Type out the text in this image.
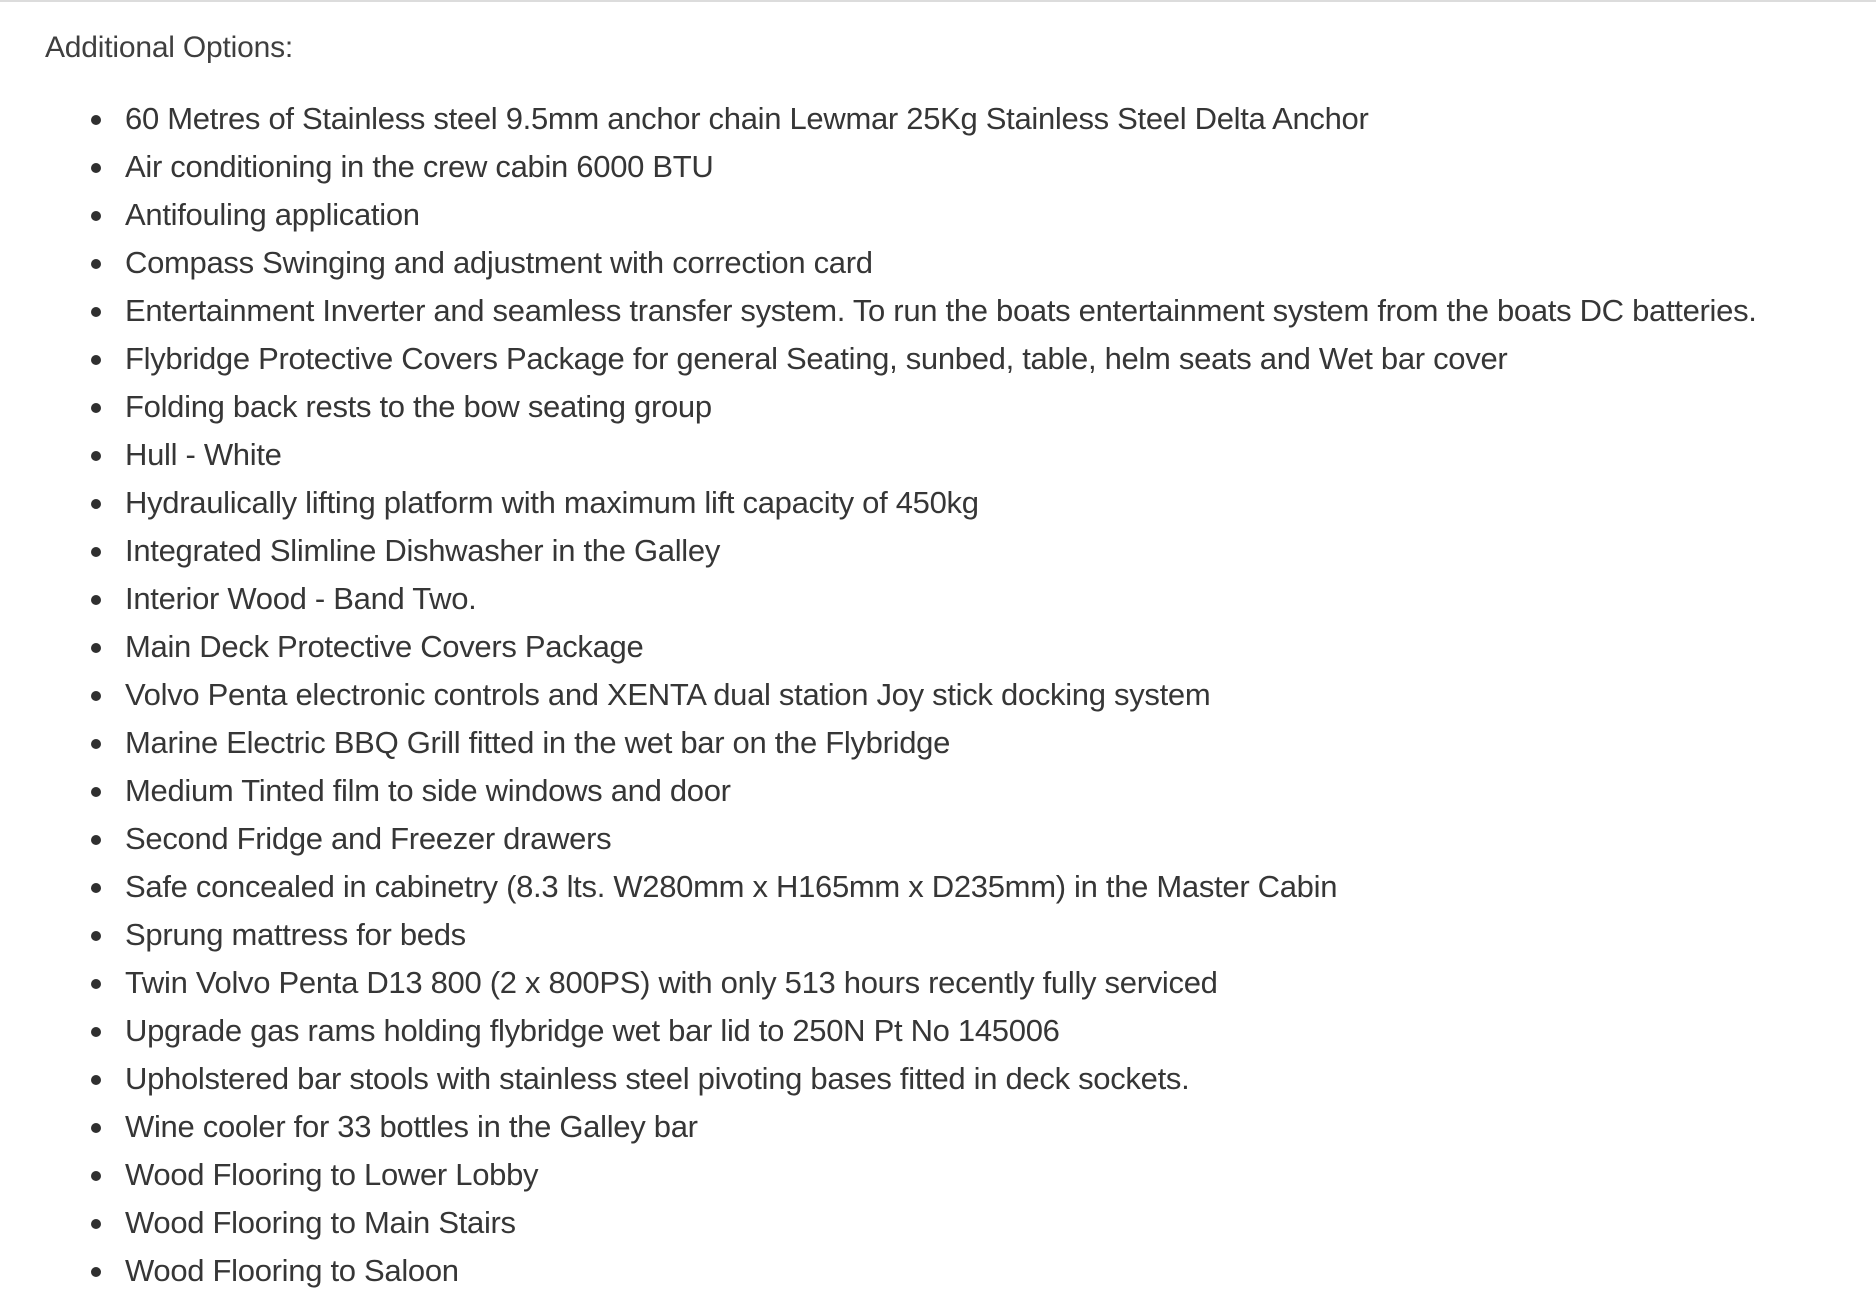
Additional Options:

60 Metres of Stainless steel 9.5mm anchor chain Lewmar 25Kg Stainless Steel Delta Anchor
Air conditioning in the crew cabin 6000 BTU
Antifouling application
Compass Swinging and adjustment with correction card
Entertainment Inverter and seamless transfer system. To run the boats entertainment system from the boats DC batteries.
Flybridge Protective Covers Package for general Seating, sunbed, table, helm seats and Wet bar cover
Folding back rests to the bow seating group
Hull - White
Hydraulically lifting platform with maximum lift capacity of 450kg
Integrated Slimline Dishwasher in the Galley
Interior Wood - Band Two.
Main Deck Protective Covers Package
Volvo Penta electronic controls and XENTA dual station Joy stick docking system
Marine Electric BBQ Grill fitted in the wet bar on the Flybridge
Medium Tinted film to side windows and door
Second Fridge and Freezer drawers
Safe concealed in cabinetry (8.3 lts. W280mm x H165mm x D235mm) in the Master Cabin
Sprung mattress for beds
Twin Volvo Penta D13 800 (2 x 800PS) with only 513 hours recently fully serviced
Upgrade gas rams holding flybridge wet bar lid to 250N Pt No 145006
Upholstered bar stools with stainless steel pivoting bases fitted in deck sockets.
Wine cooler for 33 bottles in the Galley bar
Wood Flooring to Lower Lobby
Wood Flooring to Main Stairs
Wood Flooring to Saloon
